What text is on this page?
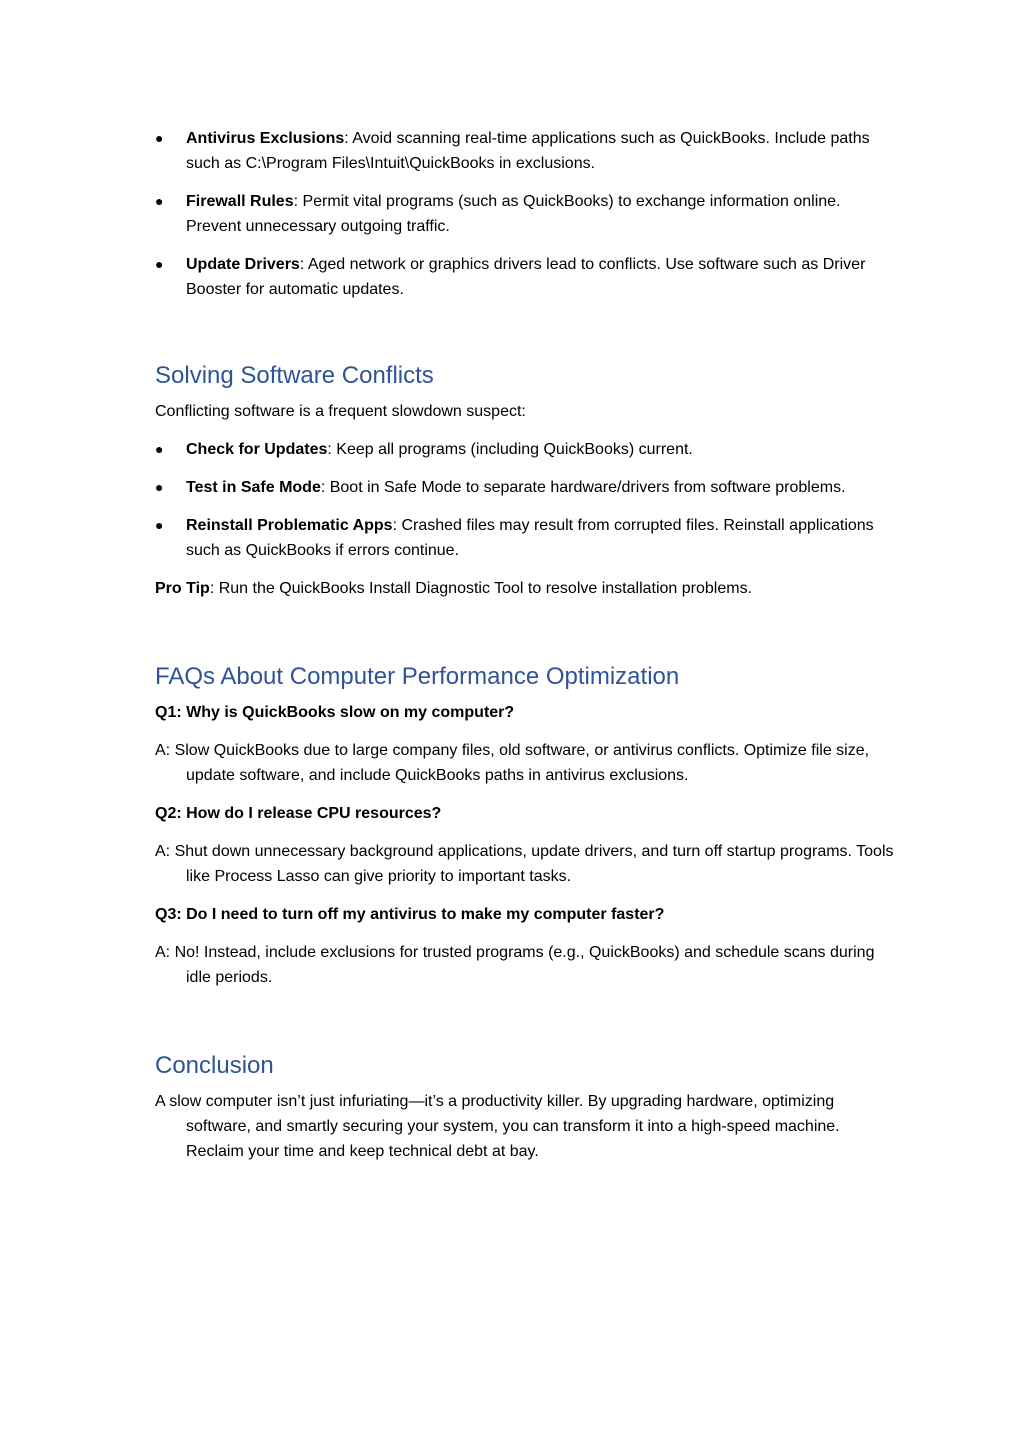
● Antivirus Exclusions: Avoid scanning real-time applications such as QuickBooks. Include paths such as C:\Program Files\Intuit\QuickBooks in exclusions.
● Firewall Rules: Permit vital programs (such as QuickBooks) to exchange information online. Prevent unnecessary outgoing traffic.
● Update Drivers: Aged network or graphics drivers lead to conflicts. Use software such as Driver Booster for automatic updates.
Solving Software Conflicts

Conflicting software is a frequent slowdown suspect:

● Check for Updates: Keep all programs (including QuickBooks) current.
● Test in Safe Mode: Boot in Safe Mode to separate hardware/drivers from software problems.
● Reinstall Problematic Apps: Crashed files may result from corrupted files. Reinstall applications such as QuickBooks if errors continue.

Pro Tip: Run the QuickBooks Install Diagnostic Tool to resolve installation problems.

FAQs About Computer Performance Optimization

Q1: Why is QuickBooks slow on my computer?

A: Slow QuickBooks due to large company files, old software, or antivirus conflicts. Optimize file size, update software, and include QuickBooks paths in antivirus exclusions.

Q2: How do I release CPU resources?

A: Shut down unnecessary background applications, update drivers, and turn off startup programs. Tools like Process Lasso can give priority to important tasks.

Q3: Do I need to turn off my antivirus to make my computer faster?

A: No! Instead, include exclusions for trusted programs (e.g., QuickBooks) and schedule scans during idle periods.

Conclusion

A slow computer isn’t just infuriating—it’s a productivity killer. By upgrading hardware, optimizing software, and smartly securing your system, you can transform it into a high-speed machine. Reclaim your time and keep technical debt at bay.
